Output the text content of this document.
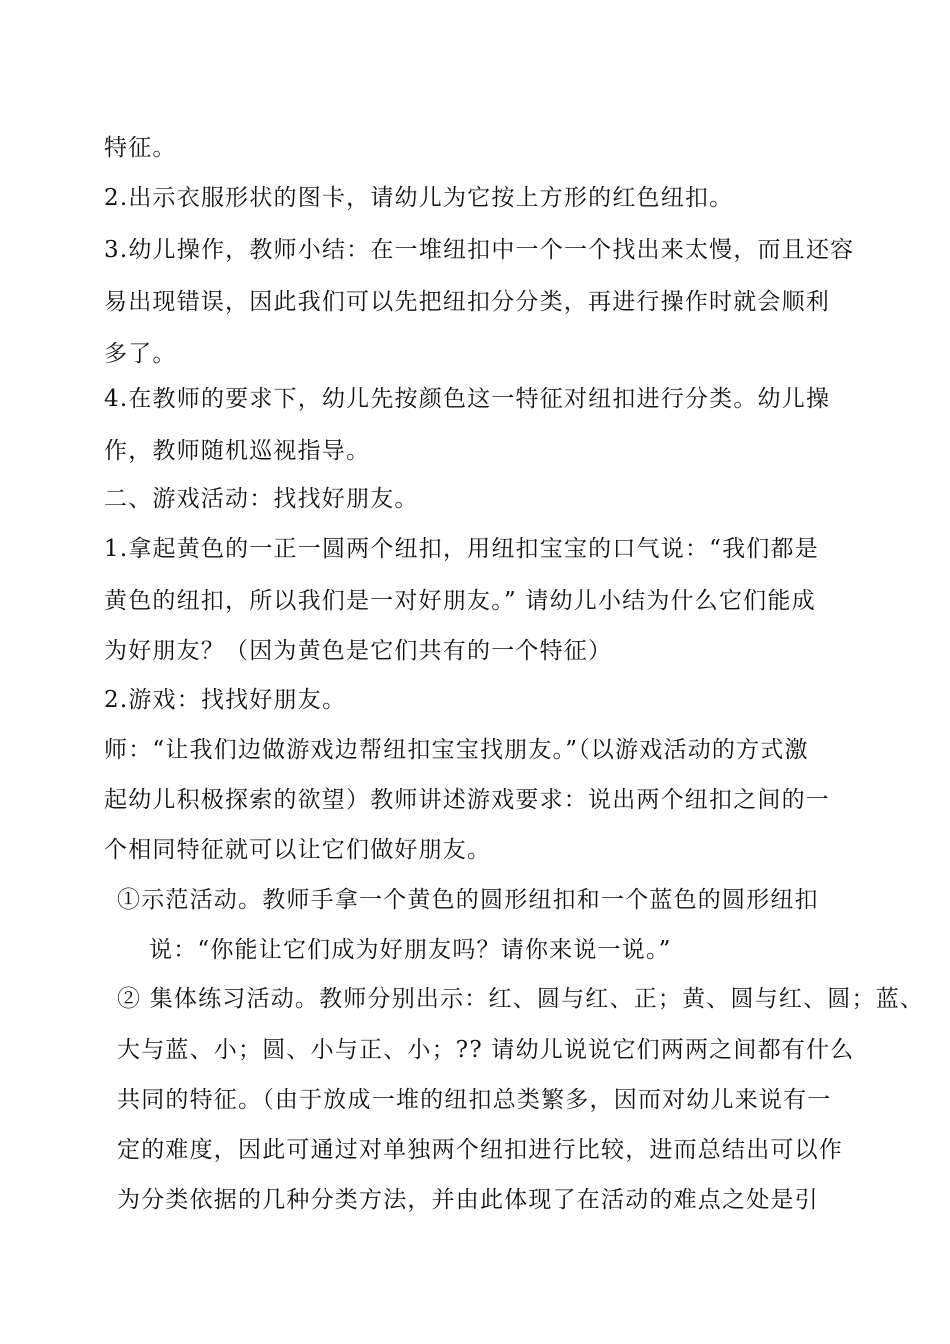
特征。
2.出示衣服形状的图卡，请幼儿为它按上方形的红色纽扣。
3.幼儿操作，教师小结：在一堆纽扣中一个一个找出来太慢，而且还容
易出现错误，因此我们可以先把纽扣分分类，再进行操作时就会顺利
多了。
4.在教师的要求下，幼儿先按颜色这一特征对纽扣进行分类。幼儿操
作，教师随机巡视指导。
二、游戏活动：找找好朋友。
1.拿起黄色的一正一圆两个纽扣，用纽扣宝宝的口气说：“我们都是
黄色的纽扣，所以我们是一对好朋友。” 请幼儿小结为什么它们能成
为好朋友？（因为黄色是它们共有的一个特征）
2.游戏：找找好朋友。
师：“让我们边做游戏边帮纽扣宝宝找朋友。”（以游戏活动的方式激
起幼儿积极探索的欲望）教师讲述游戏要求：说出两个纽扣之间的一
个相同特征就可以让它们做好朋友。
①示范活动。教师手拿一个黄色的圆形纽扣和一个蓝色的圆形纽扣
说：“你能让它们成为好朋友吗？请你来说一说。”
② 集体练习活动。教师分别出示：红、圆与红、正；黄、圆与红、圆；蓝、
大与蓝、小；圆、小与正、小；?? 请幼儿说说它们两两之间都有什么
共同的特征。（由于放成一堆的纽扣总类繁多，因而对幼儿来说有一
定的难度，因此可通过对单独两个纽扣进行比较，进而总结出可以作
为分类依据的几种分类方法，并由此体现了在活动的难点之处是引
